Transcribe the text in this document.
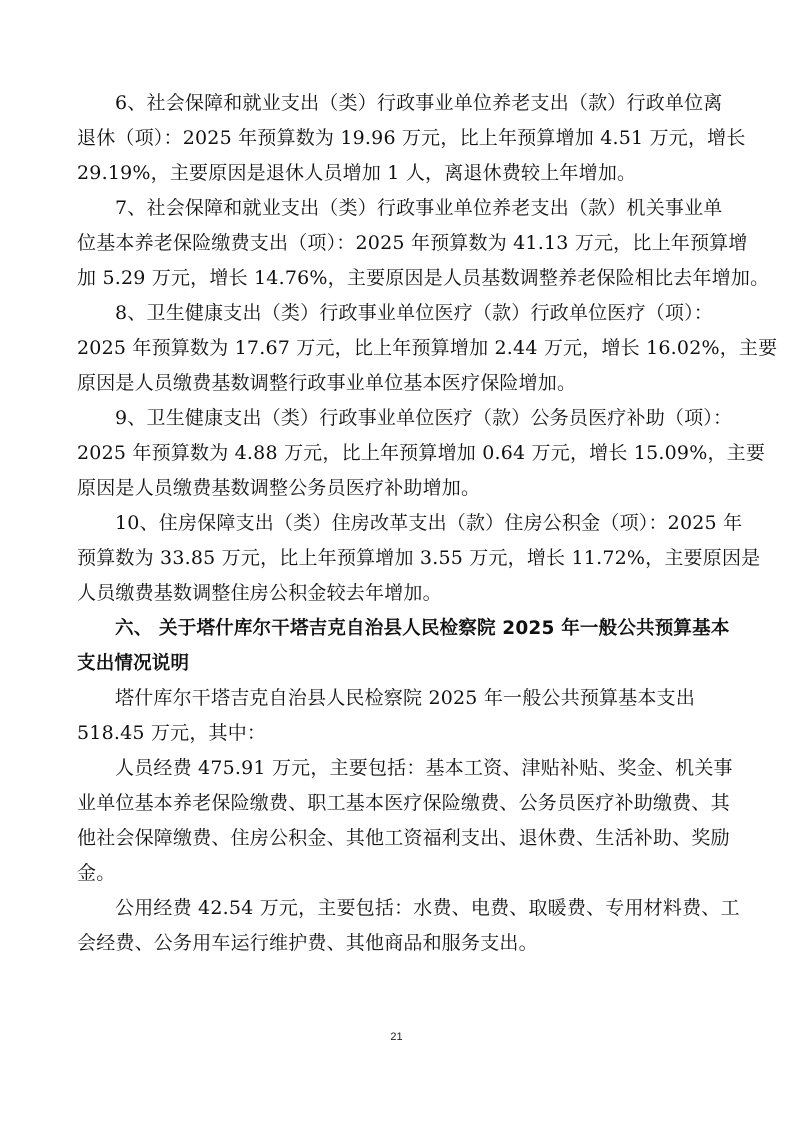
6、社会保障和就业支出（类）行政事业单位养老支出（款）行政单位离
退休（项）：2025 年预算数为 19.96 万元，比上年预算增加 4.51 万元，增长
29.19%，主要原因是退休人员增加 1 人，离退休费较上年增加。
7、社会保障和就业支出（类）行政事业单位养老支出（款）机关事业单
位基本养老保险缴费支出（项）：2025 年预算数为 41.13 万元，比上年预算增
加 5.29 万元，增长 14.76%，主要原因是人员基数调整养老保险相比去年增加。
8、卫生健康支出（类）行政事业单位医疗（款）行政单位医疗（项）：
2025 年预算数为 17.67 万元，比上年预算增加 2.44 万元，增长 16.02%，主要
原因是人员缴费基数调整行政事业单位基本医疗保险增加。
9、卫生健康支出（类）行政事业单位医疗（款）公务员医疗补助（项）：
2025 年预算数为 4.88 万元，比上年预算增加 0.64 万元，增长 15.09%，主要
原因是人员缴费基数调整公务员医疗补助增加。
10、住房保障支出（类）住房改革支出（款）住房公积金（项）：2025 年
预算数为 33.85 万元，比上年预算增加 3.55 万元，增长 11.72%，主要原因是
人员缴费基数调整住房公积金较去年增加。
六、 关于塔什库尔干塔吉克自治县人民检察院 2025 年一般公共预算基本
支出情况说明
塔什库尔干塔吉克自治县人民检察院 2025 年一般公共预算基本支出
518.45 万元，其中：
人员经费 475.91 万元，主要包括：基本工资、津贴补贴、奖金、机关事
业单位基本养老保险缴费、职工基本医疗保险缴费、公务员医疗补助缴费、其
他社会保障缴费、住房公积金、其他工资福利支出、退休费、生活补助、奖励
金。
公用经费 42.54 万元，主要包括：水费、电费、取暖费、专用材料费、工
会经费、公务用车运行维护费、其他商品和服务支出。
21
